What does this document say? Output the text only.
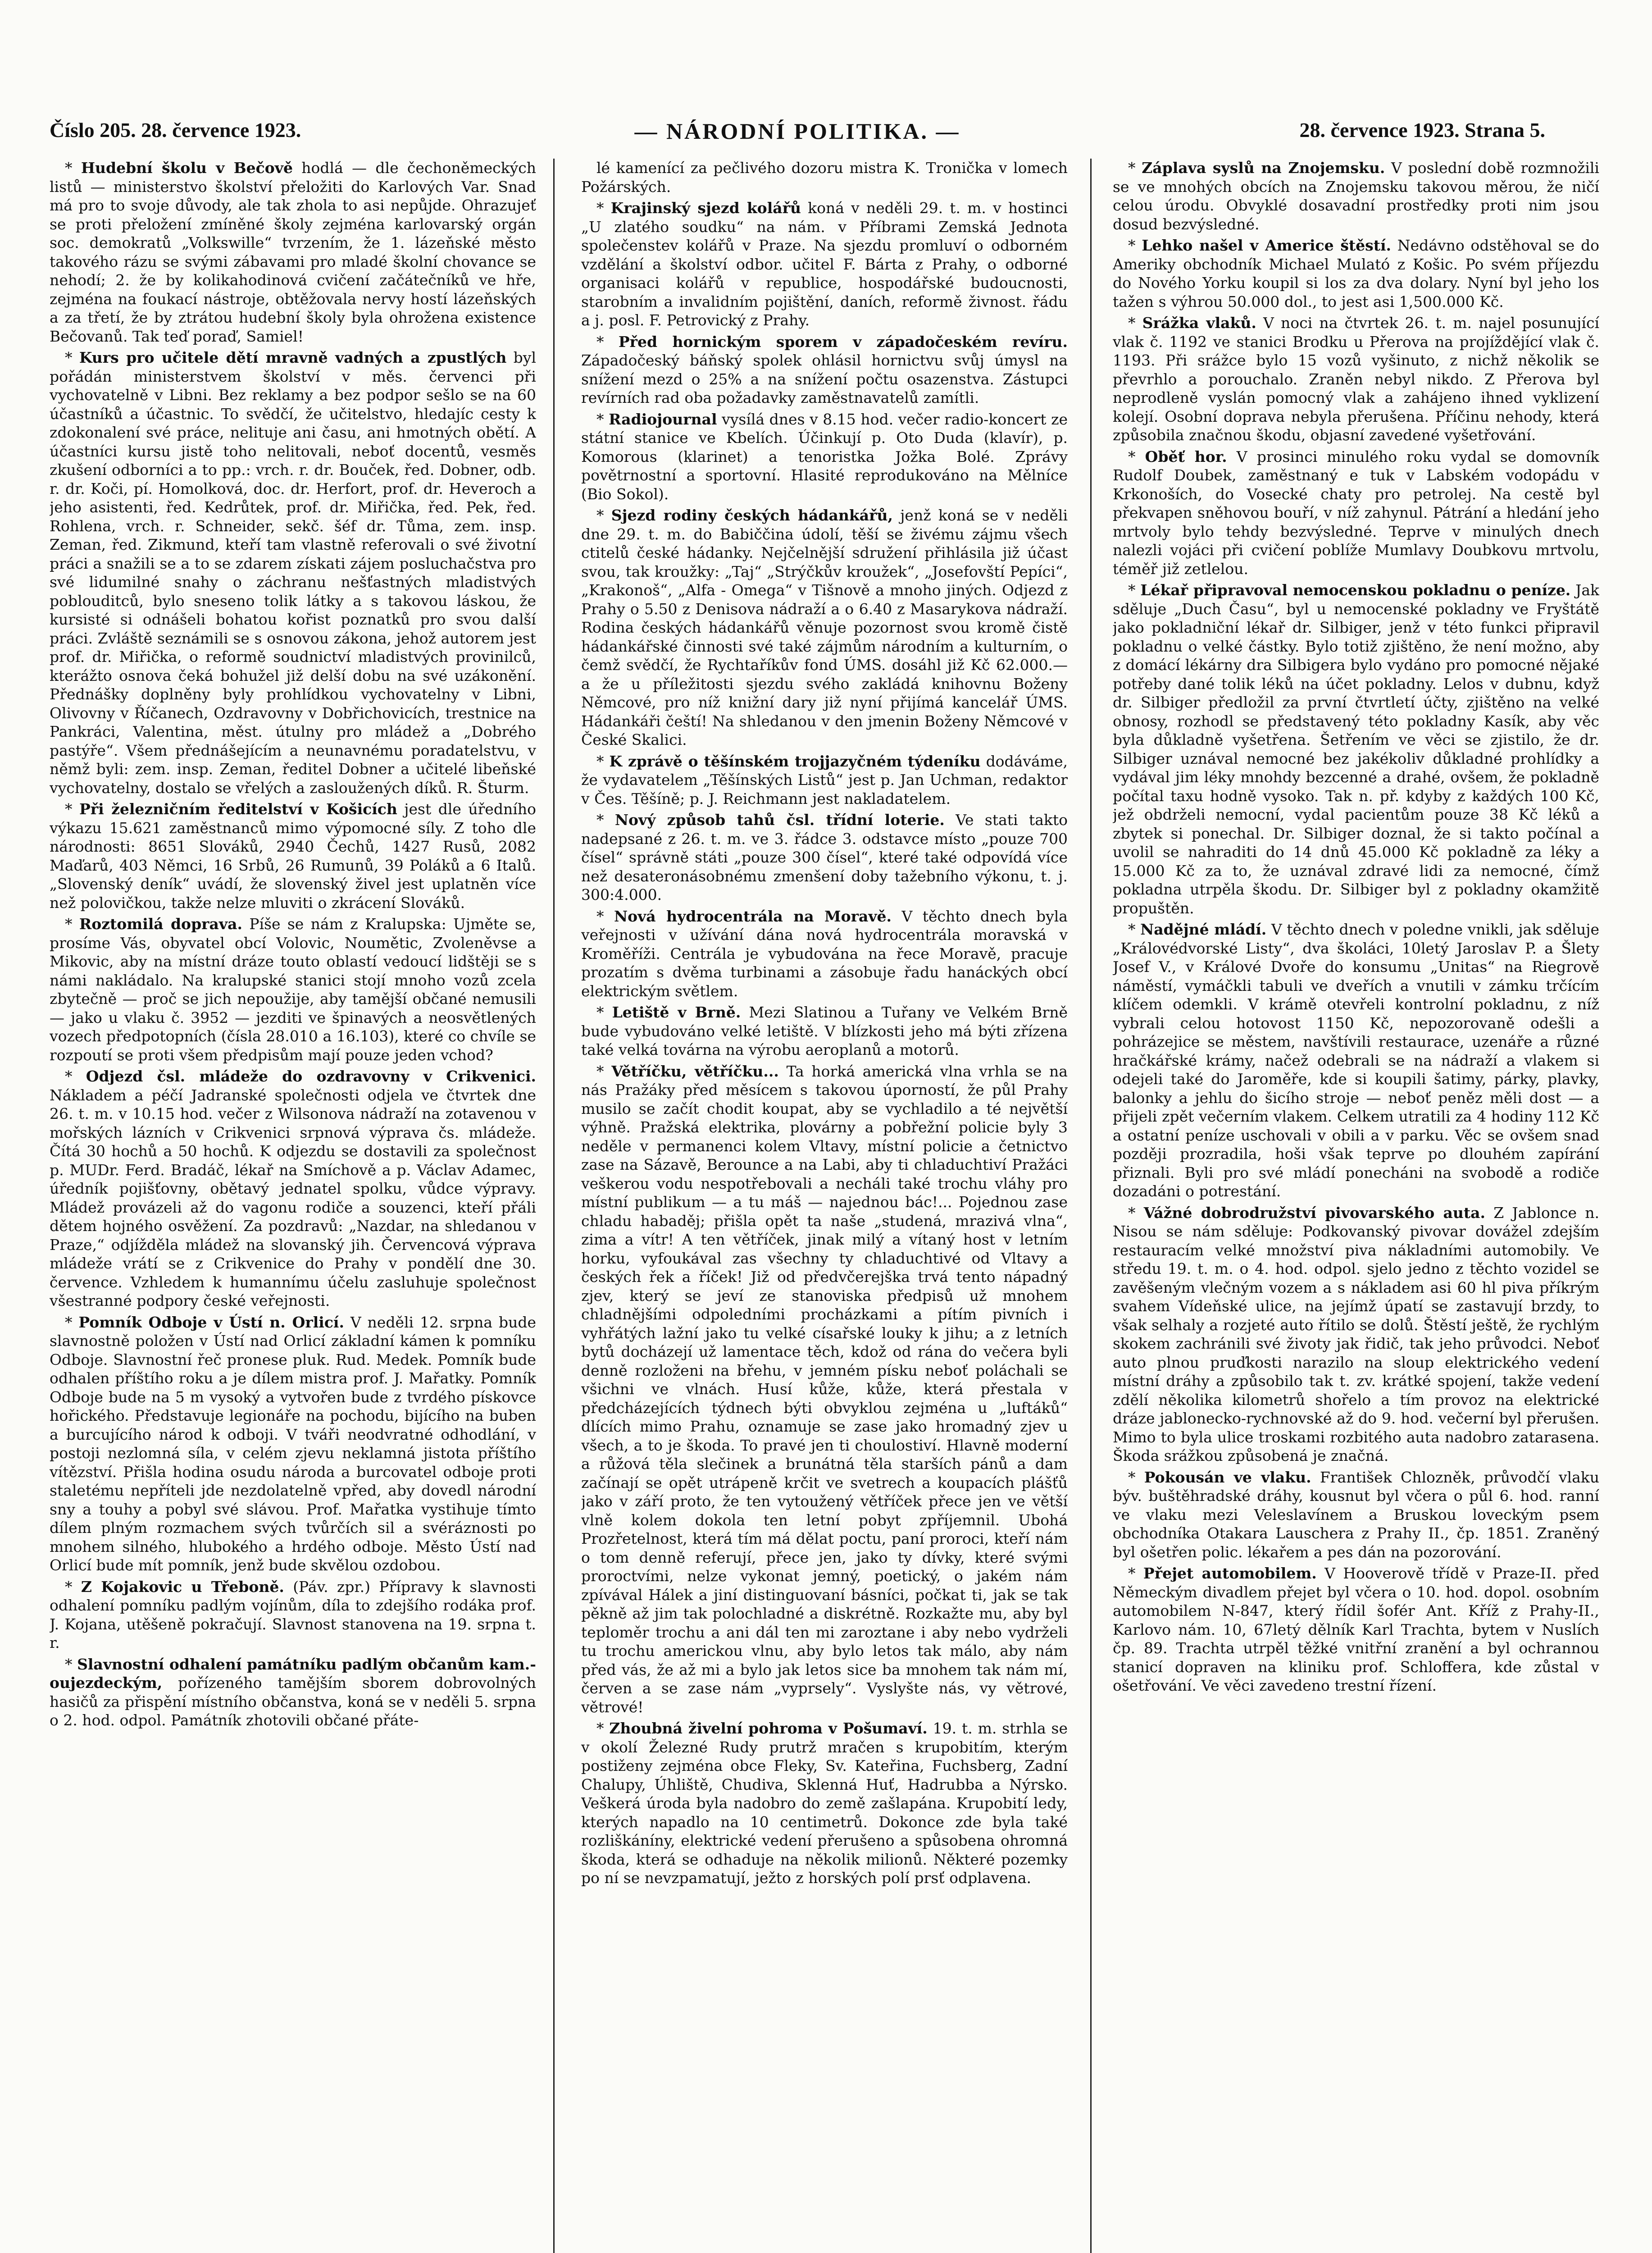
Číslo 205. 28. července 1923.	— NÁRODNÍ POLITIKA. —	28. července 1923. Strana 5.

* Hudební školu v Bečově hodlá — dle čechoněmeckých listů — ministerstvo školství přeložiti do Karlových Var. Snad má pro to svoje důvody, ale tak zhola to asi nepůjde. Ohrazujeť se proti přeložení zmíněné školy zejména karlovarský orgán soc. demokratů „Volkswille“ tvrzením, že 1. lázeňské město takového rázu se svými zábavami pro mladé školní chovance se nehodí; 2. že by kolikahodinová cvičení začátečníků ve hře, zejména na foukací nástroje, obtěžovala nervy hostí lázeňských a za třetí, že by ztrátou hudební školy byla ohrožena existence Bečovanů. Tak teď poraď, Samiel!

* Kurs pro učitele dětí mravně vadných a zpustlých byl pořádán ministerstvem školství v měs. červenci při vychovatelně v Libni. Bez reklamy a bez podpor sešlo se na 60 účastníků a účastnic. To svědčí, že učitelstvo, hledajíc cesty k zdokonalení své práce, nelituje ani času, ani hmotných obětí. A účastníci kursu jistě toho nelitovali, neboť docentů, vesměs zkušení odborníci a to pp.: vrch. r. dr. Bouček, řed. Dobner, odb. r. dr. Koči, pí. Homolková, doc. dr. Herfort, prof. dr. Heveroch a jeho asistenti, řed. Kedrůtek, prof. dr. Miřička, řed. Pek, řed. Rohlena, vrch. r. Schneider, sekč. šéf dr. Tůma, zem. insp. Zeman, řed. Zikmund, kteří tam vlastně referovali o své životní práci a snažili se a to se zdarem získati zájem posluchačstva pro své lidumilné snahy o záchranu nešťastných mladistvých poblouditců, bylo sneseno tolik látky a s takovou láskou, že kursisté si odnášeli bohatou kořist poznatků pro svou další práci. Zvláště seznámili se s osnovou zákona, jehož autorem jest prof. dr. Miřička, o reformě soudnictví mladistvých provinilců, kterážto osnova čeká bohužel již delší dobu na své uzákonění. Přednášky doplněny byly prohlídkou vychovatelny v Libni, Olivovny v Říčanech, Ozdravovny v Dobřichovicích, trestnice na Pankráci, Valentina, měst. útulny pro mládež a „Dobrého pastýře“. Všem přednášejícím a neunavnému poradatelstvu, v němž byli: zem. insp. Zeman, ředitel Dobner a učitelé libeňské vychovatelny, dostalo se vřelých a zasloužených díků. R. Šturm.

* Při železničním ředitelství v Košicích jest dle úředního výkazu 15.621 zaměstnanců mimo výpomocné síly. Z toho dle národnosti: 8651 Slováků, 2940 Čechů, 1427 Rusů, 2082 Maďarů, 403 Němci, 16 Srbů, 26 Rumunů, 39 Poláků a 6 Italů. „Slovenský deník“ uvádí, že slovenský živel jest uplatněn více než polovičkou, takže nelze mluviti o zkrácení Slováků.

* Roztomilá doprava. Píše se nám z Kralupska: Ujměte se, prosíme Vás, obyvatel obcí Volovic, Noumětic, Zvoleněvse a Mikovic, aby na místní dráze touto oblastí vedoucí lidštěji se s námi nakládalo. Na kralupské stanici stojí mnoho vozů zcela zbytečně — proč se jich nepoužije, aby tamější občané nemusili — jako u vlaku č. 3952 — jezditi ve špinavých a neosvětlených vozech předpotopních (čísla 28.010 a 16.103), které co chvíle se rozpoutí se proti všem předpisům mají pouze jeden vchod?

* Odjezd čsl. mládeže do ozdravovny v Crikvenici. Nákladem a péčí Jadranské společnosti odjela ve čtvrtek dne 26. t. m. v 10.15 hod. večer z Wilsonova nádraží na zotavenou v mořských lázních v Crikvenici srpnová výprava čs. mládeže. Čítá 30 hochů a 50 hochů. K odjezdu se dostavili za společnost p. MUDr. Ferd. Bradáč, lékař na Smíchově a p. Václav Adamec, úředník pojišťovny, obětavý jednatel spolku, vůdce výpravy. Mládež provázeli až do vagonu rodiče a souzenci, kteří přáli dětem hojného osvěžení. Za pozdravů: „Nazdar, na shledanou v Praze,“ odjížděla mládež na slovanský jih. Červencová výprava mládeže vrátí se z Crikvenice do Prahy v pondělí dne 30. července. Vzhledem k humannímu účelu zasluhuje společnost všestranné podpory české veřejnosti.

* Pomník Odboje v Ústí n. Orlicí. V neděli 12. srpna bude slavnostně položen v Ústí nad Orlicí základní kámen k pomníku Odboje. Slavnostní řeč pronese pluk. Rud. Medek. Pomník bude odhalen příštího roku a je dílem mistra prof. J. Mařatky. Pomník Odboje bude na 5 m vysoký a vytvořen bude z tvrdého pískovce hořického. Představuje legionáře na pochodu, bijícího na buben a burcujícího národ k odboji. V tváři neodvratné odhodlání, v postoji nezlomná síla, v celém zjevu neklamná jistota příštího vítězství. Přišla hodina osudu národa a burcovatel odboje proti staletému nepříteli jde nezdolatelně vpřed, aby dovedl národní sny a touhy a pobyl své slávou. Prof. Mařatka vystihuje tímto dílem plným rozmachem svých tvůrčích sil a svéráznosti po mnohem silného, hlubokého a hrdého odboje. Město Ústí nad Orlicí bude mít pomník, jenž bude skvělou ozdobou.

* Z Kojakovic u Třeboně. (Páv. zpr.) Přípravy k slavnosti odhalení pomníku padlým vojínům, díla to zdejšího rodáka prof. J. Kojana, utěšeně pokračují. Slavnost stanovena na 19. srpna t. r.

* Slavnostní odhalení památníku padlým občanům kam.-oujezdeckým, pořízeného tamějším sborem dobrovolných hasičů za přispění místního občanstva, koná se v neděli 5. srpna o 2. hod. odpol. Památník zhotovili občané přáte-

lé kamenící za pečlivého dozoru mistra K. Tronička v lomech Požárských.

* Krajinský sjezd kolářů koná v neděli 29. t. m. v hostinci „U zlatého soudku“ na nám. v Příbrami Zemská Jednota společenstev kolářů v Praze. Na sjezdu promluví o odborném vzdělání a školství odbor. učitel F. Bárta z Prahy, o odborné organisaci kolářů v republice, hospodářské budoucnosti, starobním a invalidním pojištění, daních, reformě živnost. řádu a j. posl. F. Petrovický z Prahy.

* Před hornickým sporem v západočeském revíru. Západočeský báňský spolek ohlásil hornictvu svůj úmysl na snížení mezd o 25% a na snížení počtu osazenstva. Zástupci revírních rad oba požadavky zaměstnavatelů zamítli.

* Radiojournal vysílá dnes v 8.15 hod. večer radio-koncert ze státní stanice ve Kbelích. Účinkují p. Oto Duda (klavír), p. Komorous (klarinet) a tenoristka Jožka Bolé. Zprávy povětrnostní a sportovní. Hlasité reprodukováno na Mělníce (Bio Sokol).

* Sjezd rodiny českých hádankářů, jenž koná se v neděli dne 29. t. m. do Babiččina údolí, těší se živému zájmu všech ctitelů české hádanky. Nejčelnější sdružení přihlásila již účast svou, tak kroužky: „Taj“ „Strýčkův kroužek“, „Josefovští Pepíci“, „Krakonoš“, „Alfa - Omega“ v Tišnově a mnoho jiných. Odjezd z Prahy o 5.50 z Denisova nádraží a o 6.40 z Masarykova nádraží. Rodina českých hádankářů věnuje pozornost svou kromě čistě hádankářské činnosti své také zájmům národním a kulturním, o čemž svědčí, že Rychtaříkův fond ÚMS. dosáhl již Kč 62.000.— a že u příležitosti sjezdu svého zakládá knihovnu Boženy Němcové, pro níž knižní dary již nyní přijímá kancelář ÚMS. Hádankáři čeští! Na shledanou v den jmenin Boženy Němcové v České Skalici.

* K zprávě o těšínském trojjazyčném týdeníku dodáváme, že vydavatelem „Těšínských Listů“ jest p. Jan Uchman, redaktor v Čes. Těšíně; p. J. Reichmann jest nakladatelem.

* Nový způsob tahů čsl. třídní loterie. Ve stati takto nadepsané z 26. t. m. ve 3. řádce 3. odstavce místo „pouze 700 čísel“ správně státi „pouze 300 čísel“, které také odpovídá více než desateronásobnému zmenšení doby tažebního výkonu, t. j. 300:4.000.

* Nová hydrocentrála na Moravě. V těchto dnech byla veřejnosti v užívání dána nová hydrocentrála moravská v Kroměříži. Centrála je vybudována na řece Moravě, pracuje prozatím s dvěma turbinami a zásobuje řadu hanáckých obcí elektrickým světlem.

* Letiště v Brně. Mezi Slatinou a Tuřany ve Velkém Brně bude vybudováno velké letiště. V blízkosti jeho má býti zřízena také velká továrna na výrobu aeroplanů a motorů.

* Větříčku, větříčku... Ta horká americká vlna vrhla se na nás Pražáky před měsícem s takovou úporností, že půl Prahy musilo se začít chodit koupat, aby se vychladilo a té největší výhně. Pražská elektrika, plovárny a pobřežní policie byly 3 neděle v permanenci kolem Vltavy, místní policie a četnictvo zase na Sázavě, Berounce a na Labi, aby ti chladuchtiví Pražáci veškerou vodu nespotřebovali a necháli také trochu vláhy pro místní publikum — a tu máš — najednou bác!... Pojednou zase chladu habaděj; přišla opět ta naše „studená, mrazivá vlna“, zima a vítr! A ten větříček, jinak milý a vítaný host v letním horku, vyfoukával zas všechny ty chladuchtivé od Vltavy a českých řek a říček! Již od předvčerejška trvá tento nápadný zjev, který se jeví ze stanoviska předpisů už mnohem chladnějšími odpoledními procházkami a pítím pivních i vyhřátých lažní jako tu velké císařské louky k jihu; a z letních bytů docházejí už lamentace těch, kdož od rána do večera byli denně rozloženi na břehu, v jemném písku neboť poláchali se všichni ve vlnách. Husí kůže, kůže, která přestala v předcházejících týdnech býti obvyklou zejména u „luftáků“ dlících mimo Prahu, oznamuje se zase jako hromadný zjev u všech, a to je škoda. To pravé jen ti choulostiví. Hlavně moderní a růžová těla slečinek a brunátná těla starších pánů a dam začínají se opět utrápeně krčit ve svetrech a koupacích plášťů jako v září proto, že ten vytoužený větříček přece jen ve větší vlně kolem dokola ten letní pobyt zpříjemnil. Ubohá Prozřetelnost, která tím má dělat poctu, paní proroci, kteří nám o tom denně referují, přece jen, jako ty dívky, které svými proroctvími, nelze vykonat jemný, poetický, o jakém nám zpívával Hálek a jiní distinguovaní básníci, počkat ti, jak se tak pěkně až jim tak polochladné a diskrétně. Rozkažte mu, aby byl teploměr trochu a ani dál ten mi zaroztane i aby nebo vydrželi tu trochu americkou vlnu, aby bylo letos tak málo, aby nám před vás, že až mi a bylo jak letos sice ba mnohem tak nám mí, červen a se zase nám „vyprsely“. Vyslyšte nás, vy větrové, větrové!

* Zhoubná živelní pohroma v Pošumaví. 19. t. m. strhla se v okolí Železné Rudy prutrž mračen s krupobitím, kterým postiženy zejména obce Fleky, Sv. Kateřina, Fuchsberg, Zadní Chalupy, Úhliště, Chudiva, Sklenná Huť, Hadrubba a Nýrsko. Veškerá úroda byla nadobro do země zašlapána. Krupobití ledy, kterých napadlo na 10 centimetrů. Dokonce zde byla také rozliškáníny, elektrické vedení přerušeno a spůsobena ohromná škoda, která se odhaduje na několik milionů. Některé pozemky po ní se nevzpamatují, ježto z horských polí prsť odplavena.

* Záplava syslů na Znojemsku. V poslední době rozmnožili se ve mnohých obcích na Znojemsku takovou měrou, že ničí celou úrodu. Obvyklé dosavadní prostředky proti nim jsou dosud bezvýsledné.

* Lehko našel v Americe štěstí. Nedávno odstěhoval se do Ameriky obchodník Michael Mulató z Košic. Po svém příjezdu do Nového Yorku koupil si los za dva dolary. Nyní byl jeho los tažen s výhrou 50.000 dol., to jest asi 1,500.000 Kč.

* Srážka vlaků. V noci na čtvrtek 26. t. m. najel posunující vlak č. 1192 ve stanici Brodku u Přerova na projíždějící vlak č. 1193. Při srážce bylo 15 vozů vyšinuto, z nichž několik se převrhlo a porouchalo. Zraněn nebyl nikdo. Z Přerova byl neprodleně vyslán pomocný vlak a zahájeno ihned vyklizení kolejí. Osobní doprava nebyla přerušena. Příčinu nehody, která způsobila značnou škodu, objasní zavedené vyšetřování.

* Oběť hor. V prosinci minulého roku vydal se domovník Rudolf Doubek, zaměstnaný e tuk v Labském vodopádu v Krkonoších, do Vosecké chaty pro petrolej. Na cestě byl překvapen sněhovou bouří, v níž zahynul. Pátrání a hledání jeho mrtvoly bylo tehdy bezvýsledné. Teprve v minulých dnech nalezli vojáci při cvičení poblíže Mumlavy Doubkovu mrtvolu, téměř již zetlelou.

* Lékař připravoval nemocenskou pokladnu o peníze. Jak sděluje „Duch Času“, byl u nemocenské pokladny ve Fryštátě jako pokladniční lékař dr. Silbiger, jenž v této funkci připravil pokladnu o velké částky. Bylo totiž zjištěno, že není možno, aby z domácí lékárny dra Silbigera bylo vydáno pro pomocné nějaké potřeby dané tolik léků na účet pokladny. Lelos v dubnu, když dr. Silbiger předložil za první čtvrtletí účty, zjištěno na velké obnosy, rozhodl se představený této pokladny Kasík, aby věc byla důkladně vyšetřena. Šetřením ve věci se zjistilo, že dr. Silbiger uznával nemocné bez jakékoliv důkladné prohlídky a vydával jim léky mnohdy bezcenné a drahé, ovšem, že pokladně počítal taxu hodně vysoko. Tak n. př. kdyby z každých 100 Kč, jež obdrželi nemocní, vydal pacientům pouze 38 Kč léků a zbytek si ponechal. Dr. Silbiger doznal, že si takto počínal a uvolil se nahraditi do 14 dnů 45.000 Kč pokladně za léky a 15.000 Kč za to, že uznával zdravé lidi za nemocné, čímž pokladna utrpěla škodu. Dr. Silbiger byl z pokladny okamžitě propuštěn.

* Nadějné mládí. V těchto dnech v poledne vnikli, jak sděluje „Královédvorské Listy“, dva školáci, 10letý Jaroslav P. a Šlety Josef V., v Králové Dvoře do konsumu „Unitas“ na Riegrově náměstí, vymáčkli tabuli ve dveřích a vnutili v zámku trčícím klíčem odemkli. V krámě otevřeli kontrolní pokladnu, z níž vybrali celou hotovost 1150 Kč, nepozorovaně odešli a pohrázejice se městem, navštívili restaurace, uzenáře a různé hračkářské krámy, načež odebrali se na nádraží a vlakem si odejeli také do Jaroměře, kde si koupili šatimy, párky, plavky, balonky a jehlu do šicího stroje — neboť peněz měli dost — a přijeli zpět večerním vlakem. Celkem utratili za 4 hodiny 112 Kč a ostatní peníze uschovali v obili a v parku. Věc se ovšem snad později prozradila, hoši však teprve po dlouhém zapírání přiznali. Byli pro své mládí ponecháni na svobodě a rodiče dozadáni o potrestání.

* Vážné dobrodružství pivovarského auta. Z Jablonce n. Nisou se nám sděluje: Podkovanský pivovar dovážel zdejším restauracím velké množství piva nákladními automobily. Ve středu 19. t. m. o 4. hod. odpol. sjelo jedno z těchto vozidel se zavěšeným vlečným vozem a s nákladem asi 60 hl piva příkrým svahem Vídeňské ulice, na jejímž úpatí se zastavují brzdy, to však selhaly a rozjeté auto řítilo se dolů. Štěstí ještě, že rychlým skokem zachránili své životy jak řidič, tak jeho průvodci. Neboť auto plnou pruďkosti narazilo na sloup elektrického vedení místní dráhy a způsobilo tak t. zv. krátké spojení, takže vedení zdělí několika kilometrů shořelo a tím provoz na elektrické dráze jablonecko-rychnovské až do 9. hod. večerní byl přerušen. Mimo to byla ulice troskami rozbitého auta nadobro zatarasena. Škoda srážkou způsobená je značná.

* Pokousán ve vlaku. František Chlozněk, průvodčí vlaku býv. buštěhradské dráhy, kousnut byl včera o půl 6. hod. ranní ve vlaku mezi Veleslavínem a Bruskou loveckým psem obchodníka Otakara Lauschera z Prahy II., čp. 1851. Zraněný byl ošetřen polic. lékařem a pes dán na pozorování.

* Přejet automobilem. V Hooverově třídě v Praze-II. před Německým divadlem přejet byl včera o 10. hod. dopol. osobním automobilem N-847, který řídil šofér Ant. Kříž z Prahy-II., Karlovo nám. 10, 67letý dělník Karl Trachta, bytem v Nuslích čp. 89. Trachta utrpěl těžké vnitřní zranění a byl ochrannou stanicí dopraven na kliniku prof. Schloffera, kde zůstal v ošetřování. Ve věci zavedeno trestní řízení.
